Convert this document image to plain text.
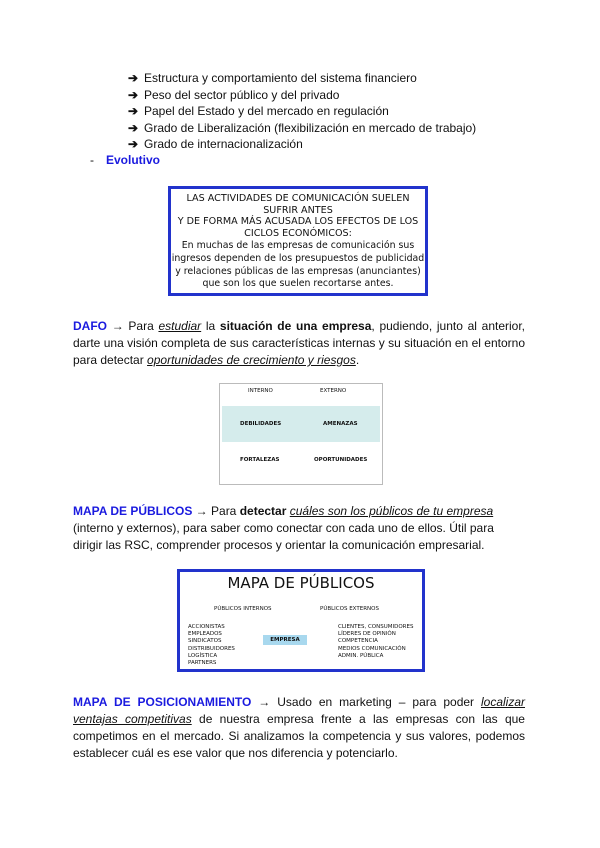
➔ Estructura y comportamiento del sistema financiero
➔ Peso del sector público y del privado
➔ Papel del Estado y del mercado en regulación
➔ Grado de Liberalización (flexibilización en mercado de trabajo)
➔ Grado de internacionalización
- Evolutivo
LAS ACTIVIDADES DE COMUNICACIÓN SUELEN
SUFRIR ANTES
Y DE FORMA MÁS ACUSADA LOS EFECTOS DE LOS
CICLOS ECONÓMICOS:
En muchas de las empresas de comunicación sus
ingresos dependen de los presupuestos de publicidad
y relaciones públicas de las empresas (anunciantes)
que son los que suelen recortarse antes.
DAFO → Para estudiar la situación de una empresa, pudiendo, junto al anterior, darte una visión completa de sus características internas y su situación en el entorno para detectar oportunidades de crecimiento y riesgos.
INTERNO	EXTERNO
DEBILIDADES	AMENAZAS
FORTALEZAS	OPORTUNIDADES
MAPA DE PÚBLICOS → Para detectar cuáles son los públicos de tu empresa (interno y externos), para saber como conectar con cada uno de ellos. Útil para dirigir las RSC, comprender procesos y orientar la comunicación empresarial.
MAPA DE PÚBLICOS
PÚBLICOS INTERNOS	PÚBLICOS EXTERNOS
ACCIONISTAS
EMPLEADOS
SINDICATOS
DISTRIBUIDORES
LOGÍSTICA
PARTNERS
EMPRESA
CLIENTES, CONSUMIDORES
LÍDERES DE OPINIÓN
COMPETENCIA
MEDIOS COMUNICACIÓN
ADMIN. PÚBLICA
MAPA DE POSICIONAMIENTO → Usado en marketing – para poder localizar ventajas competitivas de nuestra empresa frente a las empresas con las que competimos en el mercado. Si analizamos la competencia y sus valores, podemos establecer cuál es ese valor que nos diferencia y potenciarlo.
